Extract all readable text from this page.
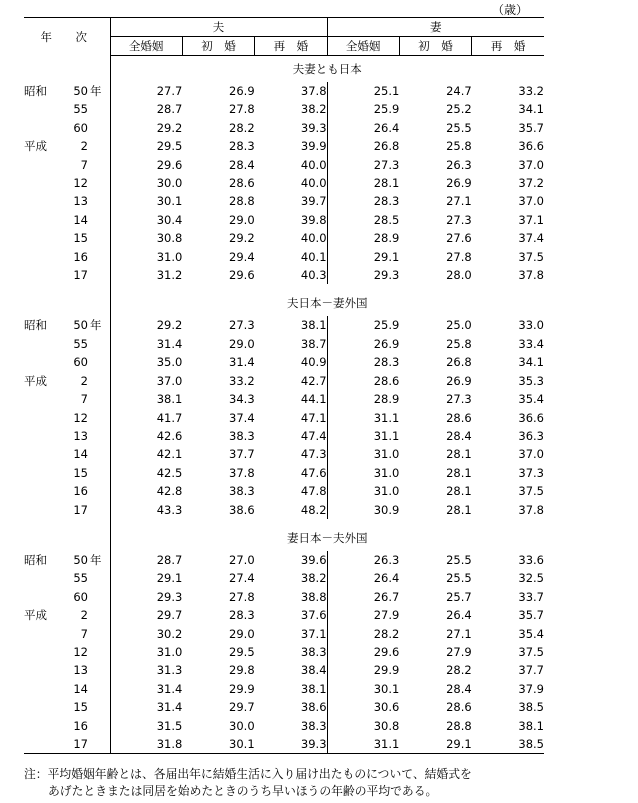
（歳）
年　次	夫			妻		
	全婚姻	初　婚	再　婚	全婚姻	初　婚	再　婚
	夫妻とも日本					
昭和 50 年	27.7	26.9	37.8	25.1	24.7	33.2
55	28.7	27.8	38.2	25.9	25.2	34.1
60	29.2	28.2	39.3	26.4	25.5	35.7
平成 2	29.5	28.3	39.9	26.8	25.8	36.6
7	29.6	28.4	40.0	27.3	26.3	37.0
12	30.0	28.6	40.0	28.1	26.9	37.2
13	30.1	28.8	39.7	28.3	27.1	37.0
14	30.4	29.0	39.8	28.5	27.3	37.1
15	30.8	29.2	40.0	28.9	27.6	37.4
16	31.0	29.4	40.1	29.1	27.8	37.5
17	31.2	29.6	40.3	29.3	28.0	37.8

	夫日本－妻外国					
昭和 50 年	29.2	27.3	38.1	25.9	25.0	33.0
55	31.4	29.0	38.7	26.9	25.8	33.4
60	35.0	31.4	40.9	28.3	26.8	34.1
平成 2	37.0	33.2	42.7	28.6	26.9	35.3
7	38.1	34.3	44.1	28.9	27.3	35.4
12	41.7	37.4	47.1	31.1	28.6	36.6
13	42.6	38.3	47.4	31.1	28.4	36.3
14	42.1	37.7	47.3	31.0	28.1	37.0
15	42.5	37.8	47.6	31.0	28.1	37.3
16	42.8	38.3	47.8	31.0	28.1	37.5
17	43.3	38.6	48.2	30.9	28.1	37.8

	妻日本－夫外国					
昭和 50 年	28.7	27.0	39.6	26.3	25.5	33.6
55	29.1	27.4	38.2	26.4	25.5	32.5
60	29.3	27.8	38.8	26.7	25.7	33.7
平成 2	29.7	28.3	37.6	27.9	26.4	35.7
7	30.2	29.0	37.1	28.2	27.1	35.4
12	31.0	29.5	38.3	29.6	27.9	37.5
13	31.3	29.8	38.4	29.9	28.2	37.7
14	31.4	29.9	38.1	30.1	28.4	37.9
15	31.4	29.7	38.6	30.6	28.6	38.5
16	31.5	30.0	38.3	30.8	28.8	38.1
17	31.8	30.1	39.3	31.1	29.1	38.5
注：平均婚姻年齢とは、各届出年に結婚生活に入り届け出たものについて、結婚式を
あげたときまたは同居を始めたときのうち早いほうの年齢の平均である。
